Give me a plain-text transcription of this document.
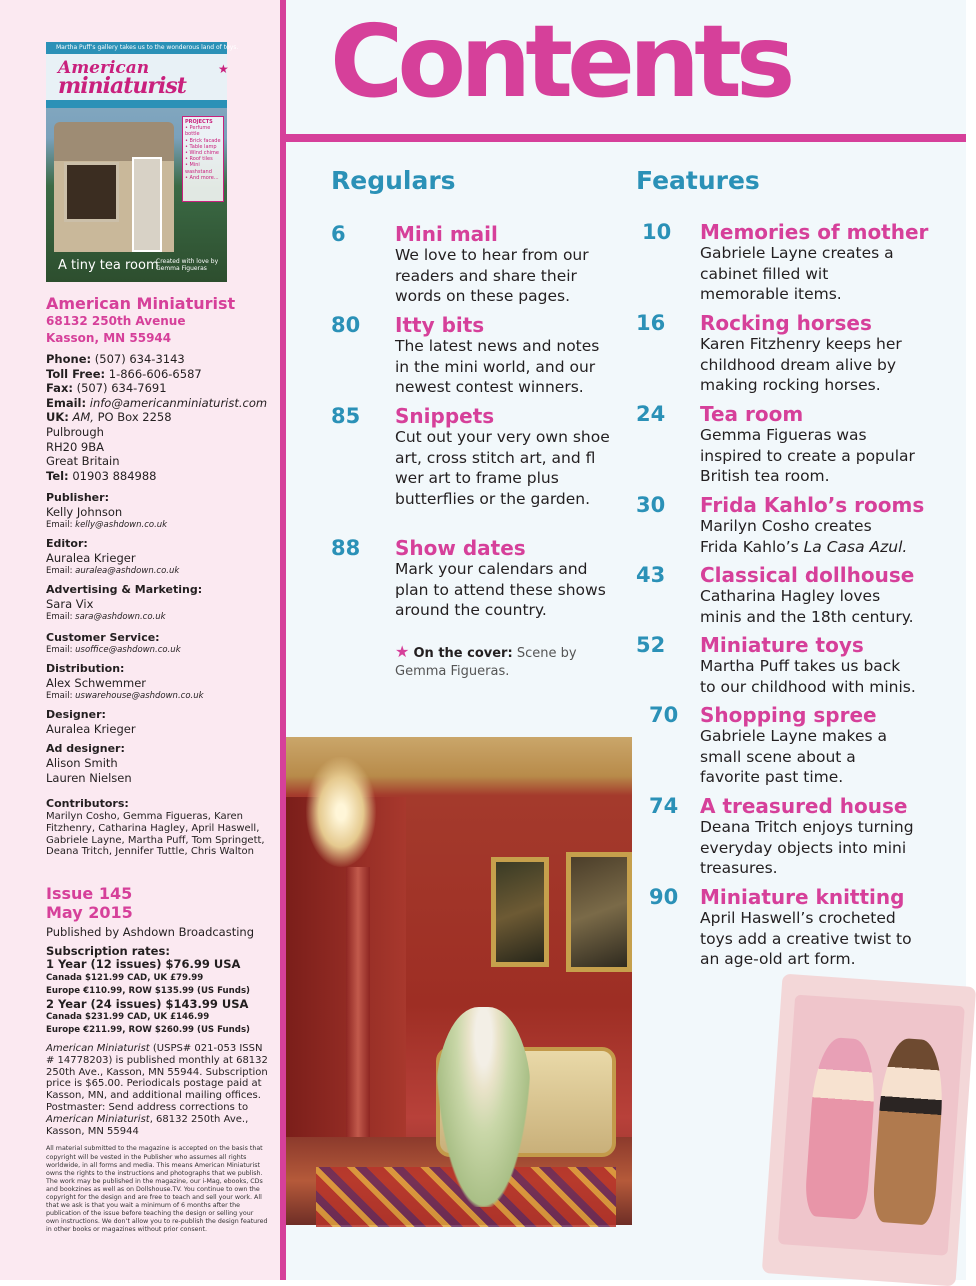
Martha Puff’s gallery takes us to the wonderous land of toys.
American
miniaturist
★
PROJECTS
• Perfume bottle
• Brick facade
• Table lamp
• Wind chime
• Roof tiles
• Mini washstand
• And more...
A tiny tea room
Created with love by Gemma Figueras
American Miniaturist
68132 250th Avenue
Kasson, MN 55944
Phone: (507) 634-3143
Toll Free: 1-866-606-6587
Fax: (507) 634-7691
Email: info@americanminiaturist.com
UK: AM, PO Box 2258
Pulbrough
RH20 9BA
Great Britain
Tel: 01903 884988
Publisher:
Kelly Johnson
Email: kelly@ashdown.co.uk
Editor:
Auralea Krieger
Email: auralea@ashdown.co.uk
Advertising & Marketing:
Sara Vix
Email: sara@ashdown.co.uk
Customer Service:
Email: usoffice@ashdown.co.uk
Distribution:
Alex Schwemmer
Email: uswarehouse@ashdown.co.uk
Designer:
Auralea Krieger
Ad designer:
Alison Smith
Lauren Nielsen
Contributors:
Marilyn Cosho, Gemma Figueras, Karen Fitzhenry, Catharina Hagley, April Haswell, Gabriele Layne, Martha Puff, Tom Springett, Deana Tritch, Jennifer Tuttle, Chris Walton
Issue 145
May 2015
Published by Ashdown Broadcasting
Subscription rates:
1 Year (12 issues) $76.99 USA
Canada $121.99 CAD, UK £79.99
Europe €110.99, ROW $135.99 (US Funds)
2 Year (24 issues) $143.99 USA
Canada $231.99 CAD, UK £146.99
Europe €211.99, ROW $260.99 (US Funds)
American Miniaturist (USPS# 021-053 ISSN # 14778203) is published monthly at 68132 250th Ave., Kasson, MN 55944. Subscription price is $65.00. Periodicals postage paid at Kasson, MN, and additional mailing offices. Postmaster: Send address corrections to American Miniaturist, 68132 250th Ave., Kasson, MN 55944
All material submitted to the magazine is accepted on the basis that copyright will be vested in the Publisher who assumes all rights worldwide, in all forms and media. This means American Miniaturist owns the rights to the instructions and photographs that we publish. The work may be published in the magazine, our i-Mag, ebooks, CDs and bookzines as well as on Dollshouse.TV. You continue to own the copyright for the design and are free to teach and sell your work. All that we ask is that you wait a minimum of 6 months after the publication of the issue before teaching the design or selling your own instructions. We don’t allow you to re-publish the design featured in other books or magazines without prior consent.
Contents
Regulars	Features
6 Mini mail
We love to hear from our readers and share their words on these pages.
80 Itty bits
The latest news and notes in the mini world, and our newest contest winners.
85 Snippets
Cut out your very own shoe art, cross stitch art, and fl wer art to frame plus butterflies or the garden.
88 Show dates
Mark your calendars and plan to attend these shows around the country.
★ On the cover: Scene by Gemma Figueras.
10 Memories of mother
Gabriele Layne creates a cabinet filled wit memorable items.
16 Rocking horses
Karen Fitzhenry keeps her childhood dream alive by making rocking horses.
24 Tea room
Gemma Figueras was inspired to create a popular British tea room.
30 Frida Kahlo’s rooms
Marilyn Cosho creates
Frida Kahlo’s La Casa Azul.
43 Classical dollhouse
Catharina Hagley loves minis and the 18th century.
52 Miniature toys
Martha Puff takes us back to our childhood with minis.
70 Shopping spree
Gabriele Layne makes a small scene about a favorite past time.
74 A treasured house
Deana Tritch enjoys turning everyday objects into mini treasures.
90 Miniature knitting
April Haswell’s crocheted toys add a creative twist to an age-old art form.
